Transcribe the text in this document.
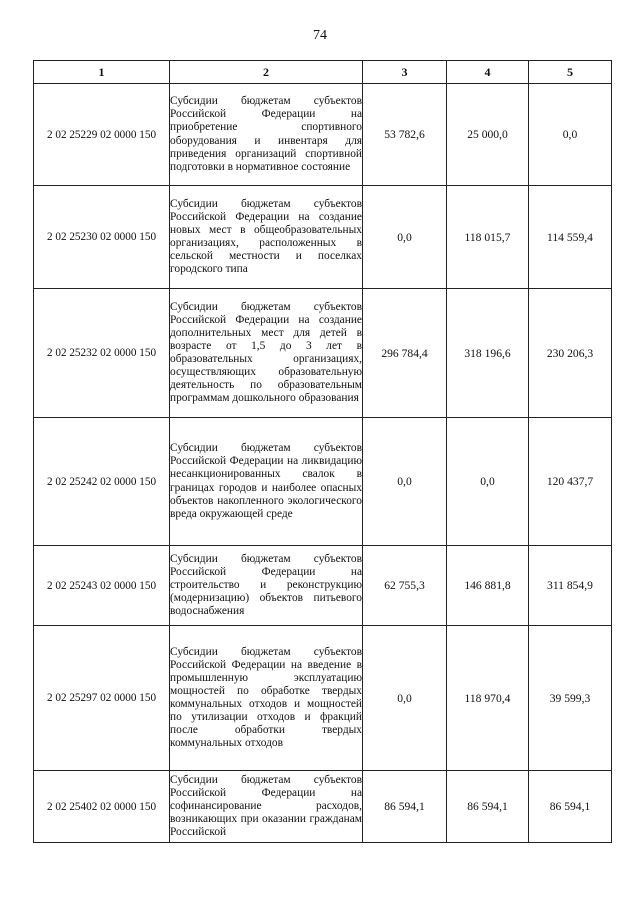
74
1	2	3	4	5
2 02 25229 02 0000 150	Субсидии бюджетам субъектов Российской Федерации на приобретение спортивного оборудования и инвентаря для приведения организаций спортивной подготовки в нормативное состояние	53 782,6	25 000,0	0,0
2 02 25230 02 0000 150	Субсидии бюджетам субъектов Российской Федерации на создание новых мест в общеобразовательных организациях, расположенных в сельской местности и поселках городского типа	0,0	118 015,7	114 559,4
2 02 25232 02 0000 150	Субсидии бюджетам субъектов Российской Федерации на создание дополнительных мест для детей в возрасте от 1,5 до 3 лет в образовательных организациях, осуществляющих образовательную деятельность по образовательным программам дошкольного образования	296 784,4	318 196,6	230 206,3
2 02 25242 02 0000 150	Субсидии бюджетам субъектов Российской Федерации на ликвидацию несанкционированных свалок в границах городов и наиболее опасных объектов накопленного экологического вреда окружающей среде	0,0	0,0	120 437,7
2 02 25243 02 0000 150	Субсидии бюджетам субъектов Российской Федерации на строительство и реконструкцию (модернизацию) объектов питьевого водоснабжения	62 755,3	146 881,8	311 854,9
2 02 25297 02 0000 150	Субсидии бюджетам субъектов Российской Федерации на введение в промышленную эксплуатацию мощностей по обработке твердых коммунальных отходов и мощностей по утилизации отходов и фракций после обработки твердых коммунальных отходов	0,0	118 970,4	39 599,3
2 02 25402 02 0000 150	Субсидии бюджетам субъектов Российской Федерации на софинансирование расходов, возникающих при оказании гражданам Российской	86 594,1	86 594,1	86 594,1
